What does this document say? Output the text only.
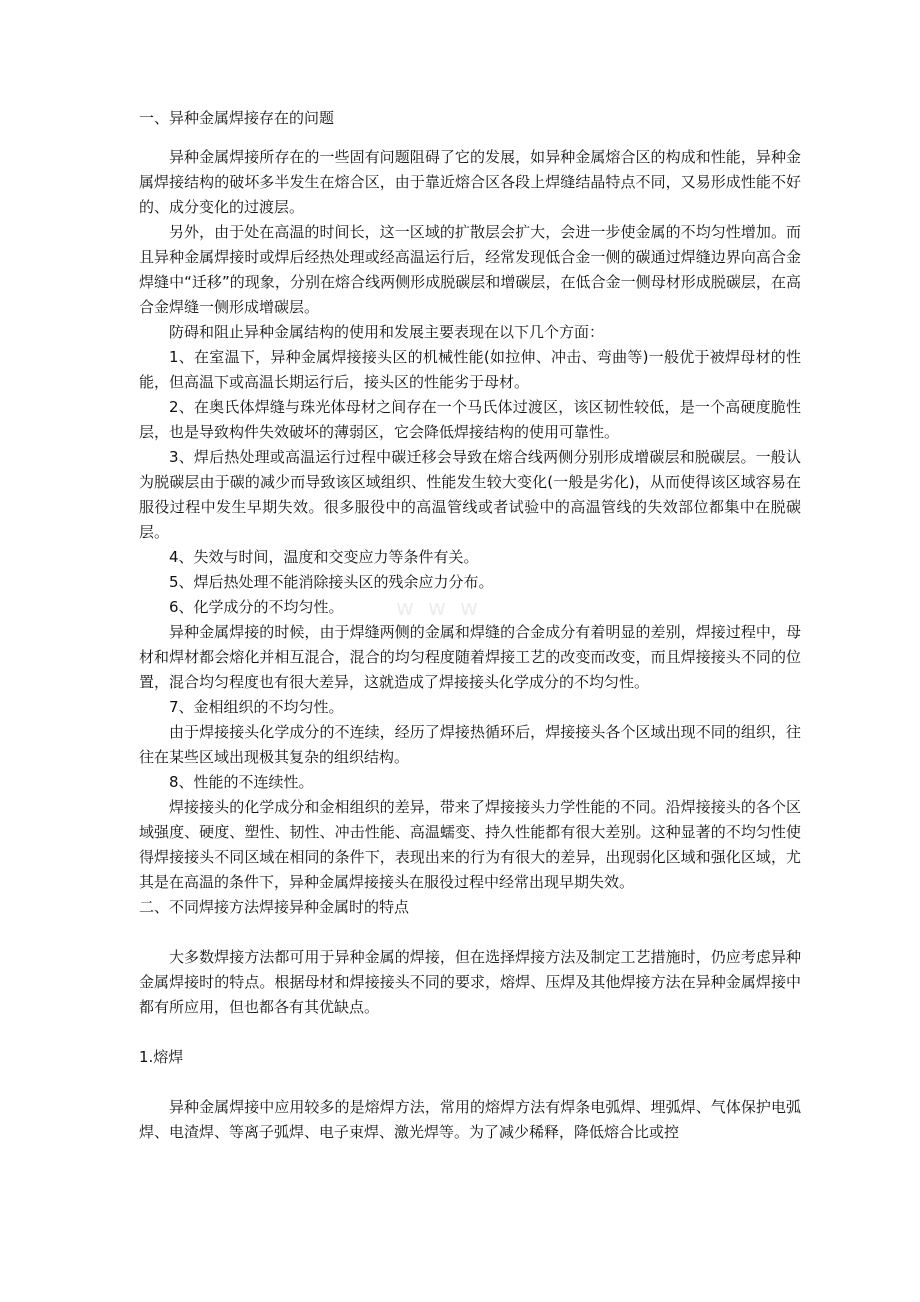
www

一、异种金属焊接存在的问题

异种金属焊接所存在的一些固有问题阻碍了它的发展，如异种金属熔合区的构成和性能，异种金属焊接结构的破坏多半发生在熔合区，由于靠近熔合区各段上焊缝结晶特点不同，又易形成性能不好的、成分变化的过渡层。

另外，由于处在高温的时间长，这一区域的扩散层会扩大，会进一步使金属的不均匀性增加。而且异种金属焊接时或焊后经热处理或经高温运行后，经常发现低合金一侧的碳通过焊缝边界向高合金焊缝中“迁移”的现象，分别在熔合线两侧形成脱碳层和增碳层，在低合金一侧母材形成脱碳层，在高合金焊缝一侧形成增碳层。

防碍和阻止异种金属结构的使用和发展主要表现在以下几个方面：

1、在室温下，异种金属焊接接头区的机械性能(如拉伸、冲击、弯曲等)一般优于被焊母材的性能，但高温下或高温长期运行后，接头区的性能劣于母材。

2、在奥氏体焊缝与珠光体母材之间存在一个马氏体过渡区，该区韧性较低，是一个高硬度脆性层，也是导致构件失效破坏的薄弱区，它会降低焊接结构的使用可靠性。

3、焊后热处理或高温运行过程中碳迁移会导致在熔合线两侧分别形成增碳层和脱碳层。一般认为脱碳层由于碳的减少而导致该区域组织、性能发生较大变化(一般是劣化)，从而使得该区域容易在服役过程中发生早期失效。很多服役中的高温管线或者试验中的高温管线的失效部位都集中在脱碳层。

4、失效与时间，温度和交变应力等条件有关。

5、焊后热处理不能消除接头区的残余应力分布。

6、化学成分的不均匀性。

异种金属焊接的时候，由于焊缝两侧的金属和焊缝的合金成分有着明显的差别，焊接过程中，母材和焊材都会熔化并相互混合，混合的均匀程度随着焊接工艺的改变而改变，而且焊接接头不同的位置，混合均匀程度也有很大差异，这就造成了焊接接头化学成分的不均匀性。

7、金相组织的不均匀性。

由于焊接接头化学成分的不连续，经历了焊接热循环后，焊接接头各个区域出现不同的组织，往往在某些区域出现极其复杂的组织结构。

8、性能的不连续性。

焊接接头的化学成分和金相组织的差异，带来了焊接接头力学性能的不同。沿焊接接头的各个区域强度、硬度、塑性、韧性、冲击性能、高温蠕变、持久性能都有很大差别。这种显著的不均匀性使得焊接接头不同区域在相同的条件下，表现出来的行为有很大的差异，出现弱化区域和强化区域，尤其是在高温的条件下，异种金属焊接接头在服役过程中经常出现早期失效。

二、不同焊接方法焊接异种金属时的特点

大多数焊接方法都可用于异种金属的焊接，但在选择焊接方法及制定工艺措施时，仍应考虑异种金属焊接时的特点。根据母材和焊接接头不同的要求，熔焊、压焊及其他焊接方法在异种金属焊接中都有所应用，但也都各有其优缺点。

1.熔焊

异种金属焊接中应用较多的是熔焊方法，常用的熔焊方法有焊条电弧焊、埋弧焊、气体保护电弧焊、电渣焊、等离子弧焊、电子束焊、激光焊等。为了减少稀释，降低熔合比或控
